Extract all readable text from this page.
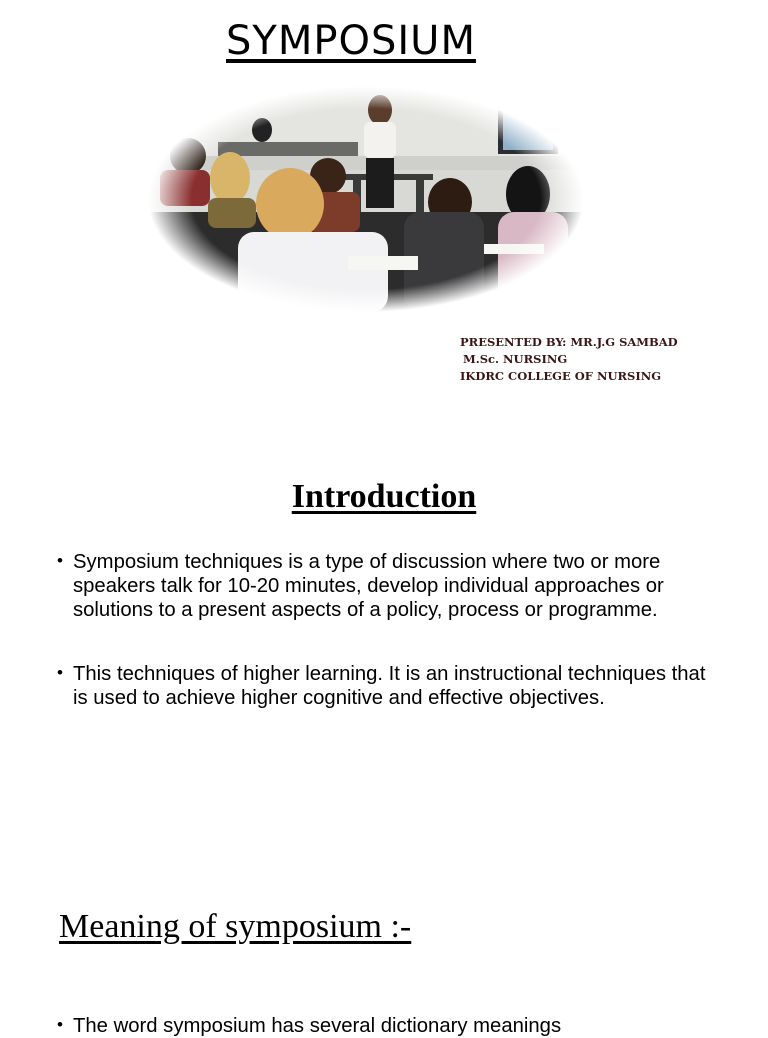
SYMPOSIUM
PRESENTED BY: MR.J.G SAMBAD
M.Sc. NURSING
IKDRC COLLEGE OF NURSING
Introduction
• Symposium techniques is a type of discussion where two or more speakers talk for 10-20 minutes, develop individual approaches or solutions to a present aspects of a policy, process or programme.
• This techniques of higher learning. It is an instructional techniques that is used to achieve higher cognitive and effective objectives.
Meaning of symposium :-
• The word symposium has several dictionary meanings
